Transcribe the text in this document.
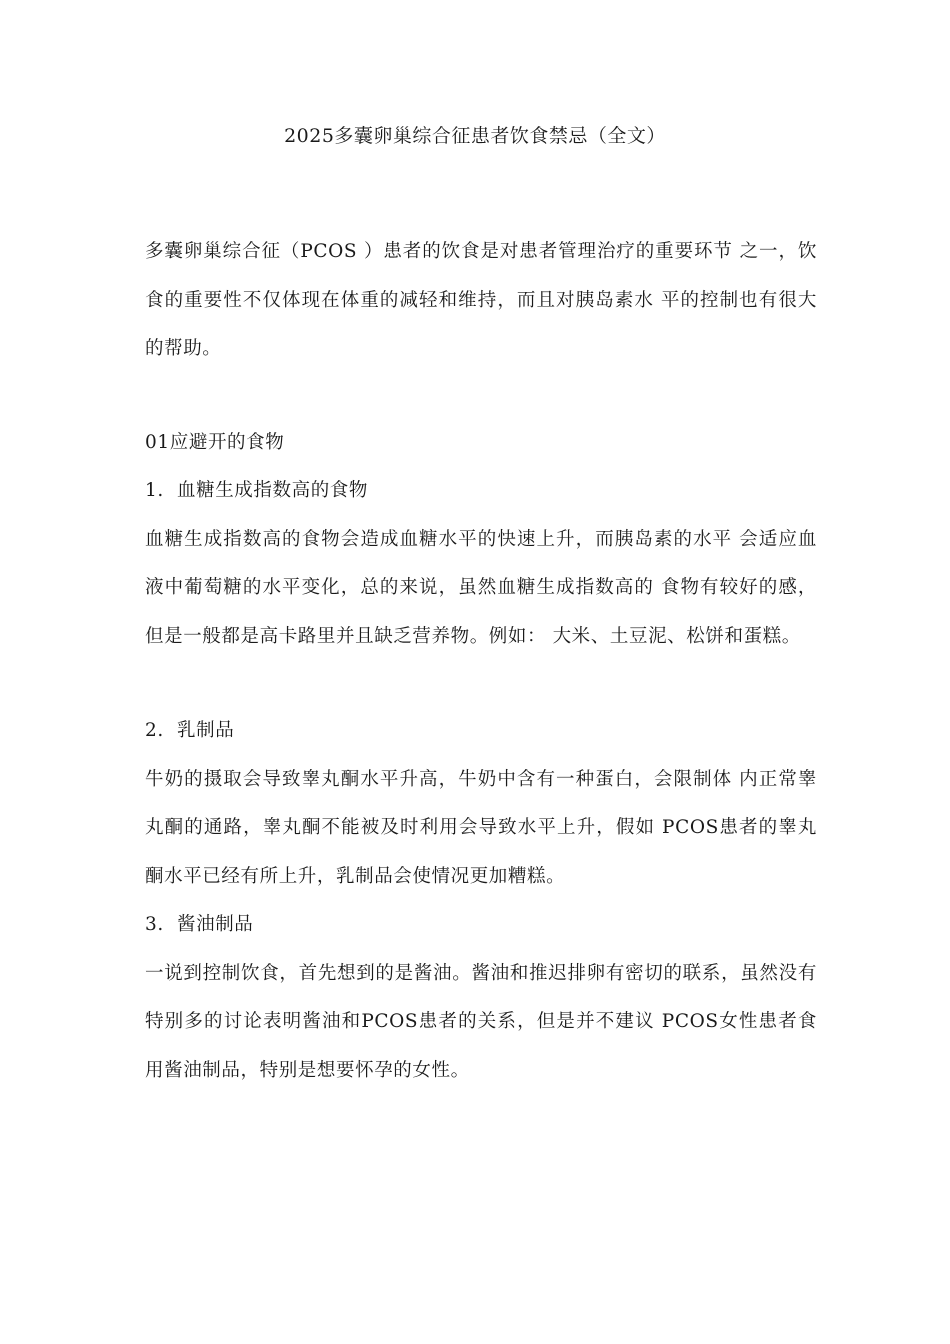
2025多囊卵巢综合征患者饮食禁忌（全文）

多囊卵巢综合征（PCOS ）患者的饮食是对患者管理治疗的重要环节 之一，饮食的重要性不仅体现在体重的减轻和维持，而且对胰岛素水 平的控制也有很大的帮助。

01应避开的食物

1. 血糖生成指数高的食物

血糖生成指数高的食物会造成血糖水平的快速上升，而胰岛素的水平 会适应血液中葡萄糖的水平变化，总的来说，虽然血糖生成指数高的 食物有较好的感，但是一般都是高卡路里并且缺乏营养物。例如： 大米、土豆泥、松饼和蛋糕。

2. 乳制品

牛奶的摄取会导致睾丸酮水平升高，牛奶中含有一种蛋白，会限制体 内正常睾丸酮的通路，睾丸酮不能被及时利用会导致水平上升，假如 PCOS患者的睾丸酮水平已经有所上升，乳制品会使情况更加糟糕。

3. 酱油制品

一说到控制饮食，首先想到的是酱油。酱油和推迟排卵有密切的联系，虽然没有特别多的讨论表明酱油和PCOS患者的关系，但是并不建议 PCOS女性患者食用酱油制品，特别是想要怀孕的女性。
